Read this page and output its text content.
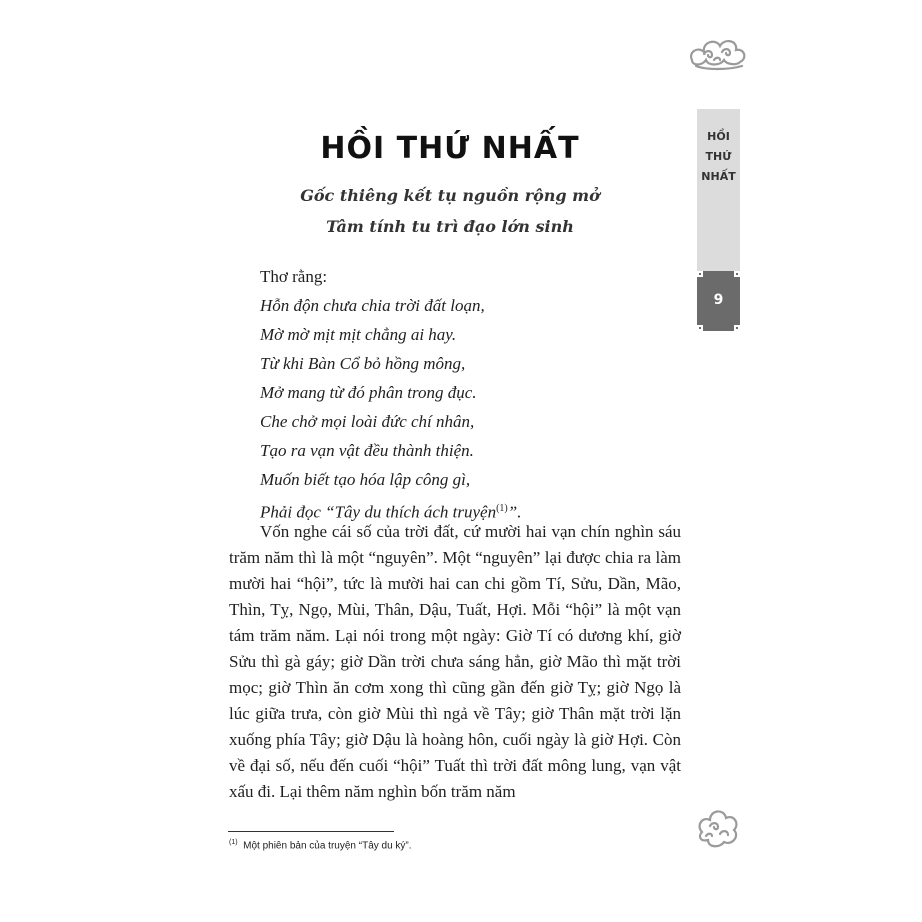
HỒI THỨ NHẤT
Gốc thiêng kết tụ nguồn rộng mở
Tâm tính tu trì đạo lớn sinh
Thơ rằng:
Hỗn độn chưa chia trời đất loạn,
Mờ mờ mịt mịt chẳng ai hay.
Từ khi Bàn Cổ bỏ hồng mông,
Mở mang từ đó phân trong đục.
Che chở mọi loài đức chí nhân,
Tạo ra vạn vật đều thành thiện.
Muốn biết tạo hóa lập công gì,
Phải đọc “Tây du thích ách truyện$^{(1)}$”.
Vốn nghe cái số của trời đất, cứ mười hai vạn chín nghìn sáu trăm năm thì là một “nguyên”. Một “nguyên” lại được chia ra làm mười hai “hội”, tức là mười hai can chi gồm Tí, Sửu, Dần, Mão, Thìn, Tỵ, Ngọ, Mùi, Thân, Dậu, Tuất, Hợi. Mỗi “hội” là một vạn tám trăm năm. Lại nói trong một ngày: Giờ Tí có dương khí, giờ Sửu thì gà gáy; giờ Dần trời chưa sáng hẳn, giờ Mão thì mặt trời mọc; giờ Thìn ăn cơm xong thì cũng gần đến giờ Tỵ; giờ Ngọ là lúc giữa trưa, còn giờ Mùi thì ngả về Tây; giờ Thân mặt trời lặn xuống phía Tây; giờ Dậu là hoàng hôn, cuối ngày là giờ Hợi. Còn về đại số, nếu đến cuối “hội” Tuất thì trời đất mông lung, vạn vật xấu đi. Lại thêm năm nghìn bốn trăm năm
$^{(1)}$ Một phiên bản của truyện “Tây du ký”.
HỒI
THỨ
NHẤT
9
